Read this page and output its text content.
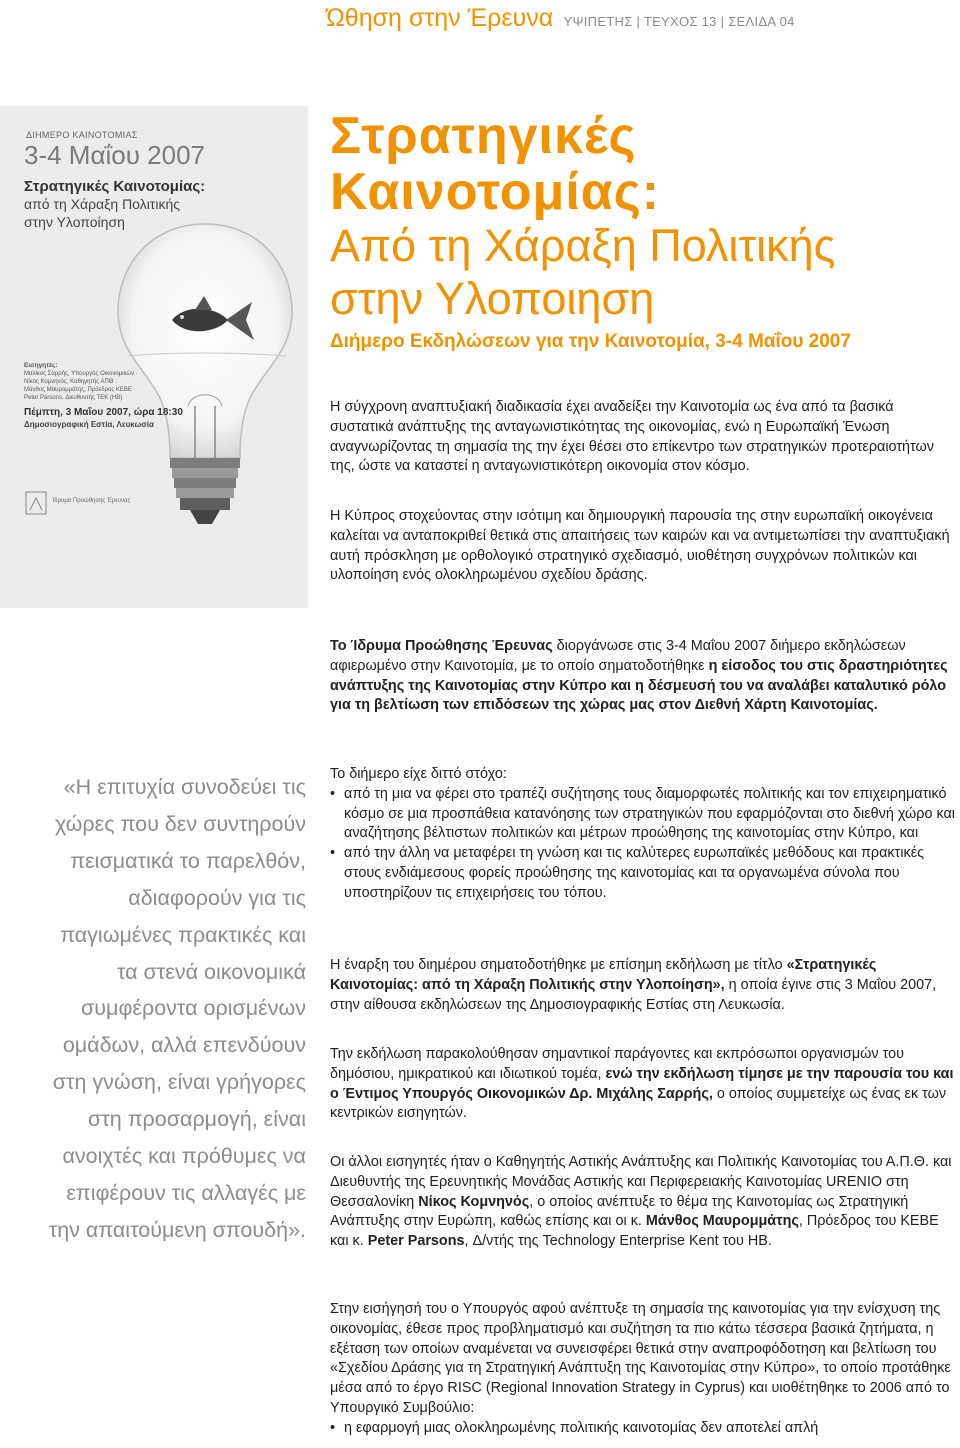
Ώθηση στην Έρευνα ΥΨΙΠΕΤΗΣ | ΤΕΥΧΟΣ 13 | ΣΕΛΙΔΑ 04
ΔΙΗΜΕΡΟ ΚΑΙΝΟΤΟΜΙΑΣ
3-4 Μαΐου 2007
Στρατηγικές Καινοτομίας:
από τη Χάραξη Πολιτικής
στην Υλοποίηση
Εισηγητές:
Μαλίκος Σαρρής, Υπουργός Οικονομικών · Νίκος Κομνηνός, Καθηγητής ΑΠΘ · Μάνθος Μαυρομμάτης, Πρόεδρος ΚΕΒΕ · Peter Parsons, Διευθυντής TEK (HB)
Πέμπτη, 3 Μαΐου 2007, ώρα 18:30
Δημοσιογραφική Εστία, Λευκωσία
Ίδρυμα Προώθησης Έρευνας
Στρατηγικές
Καινοτομίας:
Από τη Χάραξη Πολιτικής
στην Υλοποιηση
Διήμερο Εκδηλώσεων για την Καινοτομία, 3-4 Μαΐου 2007

Η σύγχρονη αναπτυξιακή διαδικασία έχει αναδείξει την Καινοτομία ως ένα από τα βασικά συστατικά ανάπτυξης της ανταγωνιστικότητας της οικονομίας, ενώ η Ευρωπαϊκή Ένωση αναγνωρίζοντας τη σημασία της την έχει θέσει στο επίκεντρο των στρατηγικών προτεραιοτήτων της, ώστε να καταστεί η ανταγωνιστικότερη οικονομία στον κόσμο.

Η Κύπρος στοχεύοντας στην ισότιμη και δημιουργική παρουσία της στην ευρωπαϊκή οικογένεια καλείται να ανταποκριθεί θετικά στις απαιτήσεις των καιρών και να αντιμετωπίσει την αναπτυξιακή αυτή πρόσκληση με ορθολογικό στρατηγικό σχεδιασμό, υιοθέτηση συγχρόνων πολιτικών και υλοποίηση ενός ολοκληρωμένου σχεδίου δράσης.

Το Ίδρυμα Προώθησης Έρευνας διοργάνωσε στις 3-4 Μαΐου 2007 διήμερο εκδηλώσεων αφιερωμένο στην Καινοτομία, με το οποίο σηματοδοτήθηκε η είσοδος του στις δραστηριότητες ανάπτυξης της Καινοτομίας στην Κύπρο και η δέσμευσή του να αναλάβει καταλυτικό ρόλο για τη βελτίωση των επιδόσεων της χώρας μας στον Διεθνή Χάρτη Καινοτομίας.

Το διήμερο είχε διττό στόχο:

• από τη μια να φέρει στο τραπέζι συζήτησης τους διαμορφωτές πολιτικής και τον επιχειρηματικό κόσμο σε μια προσπάθεια κατανόησης των στρατηγικών που εφαρμόζονται στο διεθνή χώρο και αναζήτησης βέλτιστων πολιτικών και μέτρων προώθησης της καινοτομίας στην Κύπρο, και
• από την άλλη να μεταφέρει τη γνώση και τις καλύτερες ευρωπαϊκές μεθόδους και πρακτικές στους ενδιάμεσους φορείς προώθησης της καινοτομίας και τα οργανωμένα σύνολα που υποστηρίζουν τις επιχειρήσεις του τόπου.

Η έναρξη του διημέρου σηματοδοτήθηκε με επίσημη εκδήλωση με τίτλο «Στρατηγικές Καινοτομίας: από τη Χάραξη Πολιτικής στην Υλοποίηση», η οποία έγινε στις 3 Μαΐου 2007, στην αίθουσα εκδηλώσεων της Δημοσιογραφικής Εστίας στη Λευκωσία.

Την εκδήλωση παρακολούθησαν σημαντικοί παράγοντες και εκπρόσωποι οργανισμών του δημόσιου, ημικρατικού και ιδιωτικού τομέα, ενώ την εκδήλωση τίμησε με την παρουσία του και ο Έντιμος Υπουργός Οικονομικών Δρ. Μιχάλης Σαρρής, ο οποίος συμμετείχε ως ένας εκ των κεντρικών εισηγητών.

Οι άλλοι εισηγητές ήταν ο Καθηγητής Αστικής Ανάπτυξης και Πολιτικής Καινοτομίας του Α.Π.Θ. και Διευθυντής της Ερευνητικής Μονάδας Αστικής και Περιφερειακής Καινοτομίας URENIO στη Θεσσαλονίκη Νίκος Κομνηνός, ο οποίος ανέπτυξε το θέμα της Καινοτομίας ως Στρατηγική Ανάπτυξης στην Ευρώπη, καθώς επίσης και οι κ. Μάνθος Μαυρομμάτης, Πρόεδρος του ΚΕΒΕ και κ. Peter Parsons, Δ/ντής της Technology Enterprise Kent του ΗΒ.

Στην εισήγησή του ο Υπουργός αφού ανέπτυξε τη σημασία της καινοτομίας για την ενίσχυση της οικονομίας, έθεσε προς προβληματισμό και συζήτηση τα πιο κάτω τέσσερα βασικά ζητήματα, η εξέταση των οποίων αναμένεται να συνεισφέρει θετικά στην αναπροφόδοτηση και βελτίωση του «Σχεδίου Δράσης για τη Στρατηγική Ανάπτυξη της Καινοτομίας στην Κύπρο», το οποίο προτάθηκε μέσα από το έργο RISC (Regional Innovation Strategy in Cyprus) και υιοθέτηθηκε το 2006 από το Υπουργικό Συμβούλιο:

• η εφαρμογή μιας ολοκληρωμένης πολιτικής καινοτομίας δεν αποτελεί απλή
«Η επιτυχία συνοδεύει τις χώρες που δεν συντηρούν πεισματικά το παρελθόν, αδιαφορούν για τις παγιωμένες πρακτικές και τα στενά οικονομικά συμφέροντα ορισμένων ομάδων, αλλά επενδύουν στη γνώση, είναι γρήγορες στη προσαρμογή, είναι ανοιχτές και πρόθυμες να επιφέρουν τις αλλαγές με την απαιτούμενη σπουδή».
